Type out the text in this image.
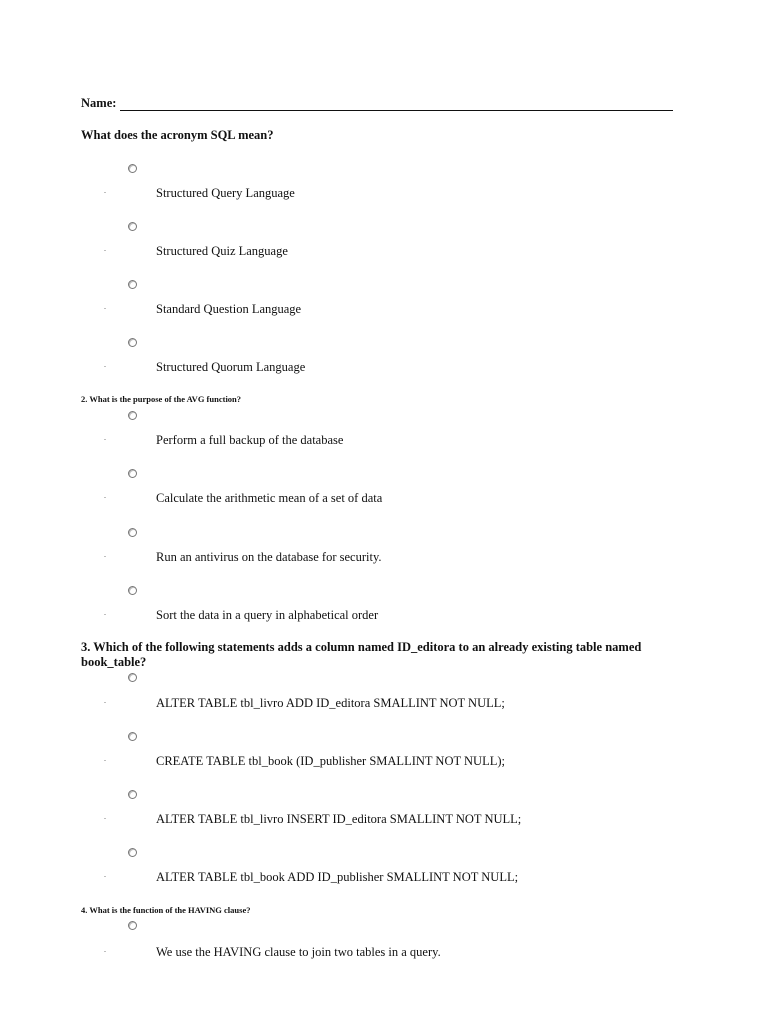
Name:
What does the acronym SQL mean?
.	Structured Query Language
.	Structured Quiz Language
.	Standard Question Language
.	Structured Quorum Language
2. What is the purpose of the AVG function?
.	Perform a full backup of the database
.	Calculate the arithmetic mean of a set of data
.	Run an antivirus on the database for security.
.	Sort the data in a query in alphabetical order
3. Which of the following statements adds a column named ID_editora to an already existing table named
book_table?
.	ALTER TABLE tbl_livro ADD ID_editora SMALLINT NOT NULL;
.	CREATE TABLE tbl_book (ID_publisher SMALLINT NOT NULL);
.	ALTER TABLE tbl_livro INSERT ID_editora SMALLINT NOT NULL;
.	ALTER TABLE tbl_book ADD ID_publisher SMALLINT NOT NULL;
4. What is the function of the HAVING clause?
.	We use the HAVING clause to join two tables in a query.
